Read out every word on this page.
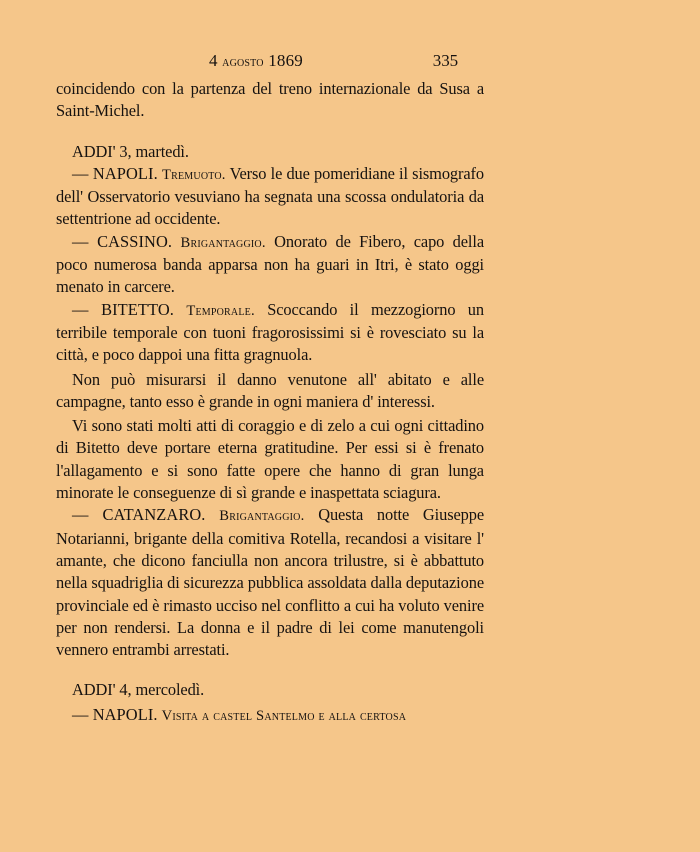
4 agosto 1869	335

coincidendo con la partenza del treno internazionale da Susa a Saint-Michel.

ADDI' 3, martedì.

— NAPOLI. Tremuoto. Verso le due pomeridiane il sismografo dell' Osservatorio vesuviano ha segnata una scossa ondulatoria da settentrione ad occidente.

— CASSINO. Brigantaggio. Onorato de Fibero, capo della poco numerosa banda apparsa non ha guari in Itri, è stato oggi menato in carcere.

— BITETTO. Temporale. Scoccando il mezzogiorno un terribile temporale con tuoni fragorosissimi si è rovesciato su la città, e poco dappoi una fitta gragnuola.

Non può misurarsi il danno venutone all' abitato e alle campagne, tanto esso è grande in ogni maniera d' interessi.

Vi sono stati molti atti di coraggio e di zelo a cui ogni cittadino di Bitetto deve portare eterna gratitudine. Per essi si è frenato l'allagamento e si sono fatte opere che hanno di gran lunga minorate le conseguenze di sì grande e inaspettata sciagura.

— CATANZARO. Brigantaggio. Questa notte Giuseppe Notarianni, brigante della comitiva Rotella, recandosi a visitare l' amante, che dicono fanciulla non ancora trilustre, si è abbattuto nella squadriglia di sicurezza pubblica assoldata dalla deputazione provinciale ed è rimasto ucciso nel conflitto a cui ha voluto venire per non rendersi. La donna e il padre di lei come manutengoli vennero entrambi arrestati.

ADDI' 4, mercoledì.

— NAPOLI. Visita a castel Santelmo e alla certosa
